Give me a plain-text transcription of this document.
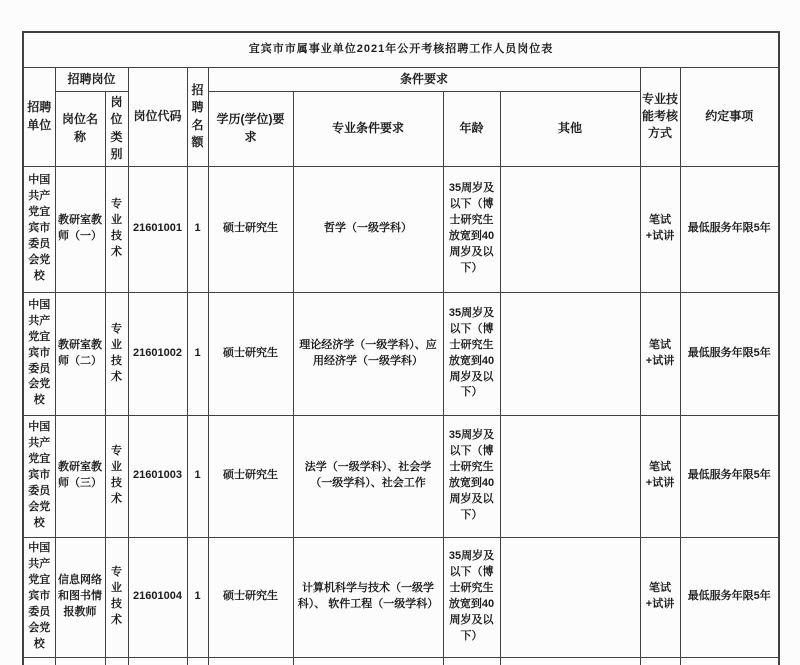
宜宾市市属事业单位2021年公开考核招聘工作人员岗位表										
招聘单位	招聘岗位		岗位代码	招聘名额	条件要求				专业技能考核方式	约定事项
	岗位名称	岗位类别			学历(学位)要求	专业条件要求	年龄	其他		
中国共产党宜宾市委员会党校	教研室教师（一）	专业技术	21601001	1	硕士研究生	哲学（一级学科）	35周岁及以下（博士研究生放宽到40周岁及以下）		笔试+试讲	最低服务年限5年
中国共产党宜宾市委员会党校	教研室教师（二）	专业技术	21601002	1	硕士研究生	理论经济学（一级学科）、应用经济学（一级学科）	35周岁及以下（博士研究生放宽到40周岁及以下）		笔试+试讲	最低服务年限5年
中国共产党宜宾市委员会党校	教研室教师（三）	专业技术	21601003	1	硕士研究生	法学（一级学科）、社会学（一级学科）、社会工作	35周岁及以下（博士研究生放宽到40周岁及以下）		笔试+试讲	最低服务年限5年
中国共产党宜宾市委员会党校	信息网络和图书情报教师	专业技术	21601004	1	硕士研究生	计算机科学与技术（一级学科）、 软件工程（一级学科）	35周岁及以下（博士研究生放宽到40周岁及以下）		笔试+试讲	最低服务年限5年
